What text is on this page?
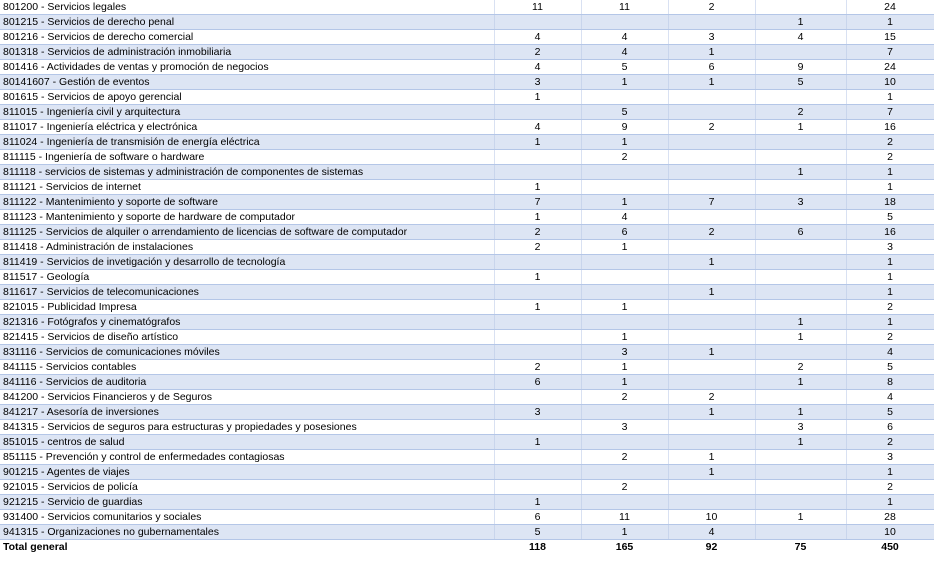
801200 - Servicios legales	11	11	2		24
801215 - Servicios de derecho penal				1	1
801216 - Servicios de derecho comercial	4	4	3	4	15
801318 - Servicios de administración inmobiliaria	2	4	1		7
801416 - Actividades de ventas y promoción de negocios	4	5	6	9	24
80141607 - Gestión de eventos	3	1	1	5	10
801615 - Servicios de apoyo gerencial	1				1
811015 - Ingeniería civil y arquitectura		5		2	7
811017 - Ingeniería eléctrica y electrónica	4	9	2	1	16
811024 - Ingeniería de transmisión de energía eléctrica	1	1			2
811115 - Ingeniería de software o hardware		2			2
811118 - servicios de sistemas y administración de componentes de sistemas				1	1
811121 - Servicios de internet	1				1
811122 - Mantenimiento y soporte de software	7	1	7	3	18
811123 - Mantenimiento y soporte de hardware de computador	1	4			5
811125 - Servicios de alquiler o arrendamiento de licencias de software de computador	2	6	2	6	16
811418 - Administración de instalaciones	2	1			3
811419 - Servicios de invetigación y desarrollo de tecnología			1		1
811517 - Geología	1				1
811617 - Servicios de telecomunicaciones			1		1
821015 - Publicidad Impresa	1	1			2
821316 - Fotógrafos y cinematógrafos				1	1
821415 - Servicios de diseño artístico		1		1	2
831116 - Servicios de comunicaciones móviles		3	1		4
841115 - Servicios contables	2	1		2	5
841116 - Servicios de auditoria	6	1		1	8
841200 - Servicios Financieros y de Seguros		2	2		4
841217 - Asesoría de inversiones	3		1	1	5
841315 - Servicios de seguros para estructuras y propiedades y posesiones		3		3	6
851015 - centros de salud	1			1	2
851115 - Prevención y control de enfermedades contagiosas		2	1		3
901215 - Agentes de viajes			1		1
921015 - Servicios de policía		2			2
921215 - Servicio de guardias	1				1
931400 - Servicios comunitarios y sociales	6	11	10	1	28
941315 - Organizaciones no gubernamentales	5	1	4		10
Total general	118	165	92	75	450
